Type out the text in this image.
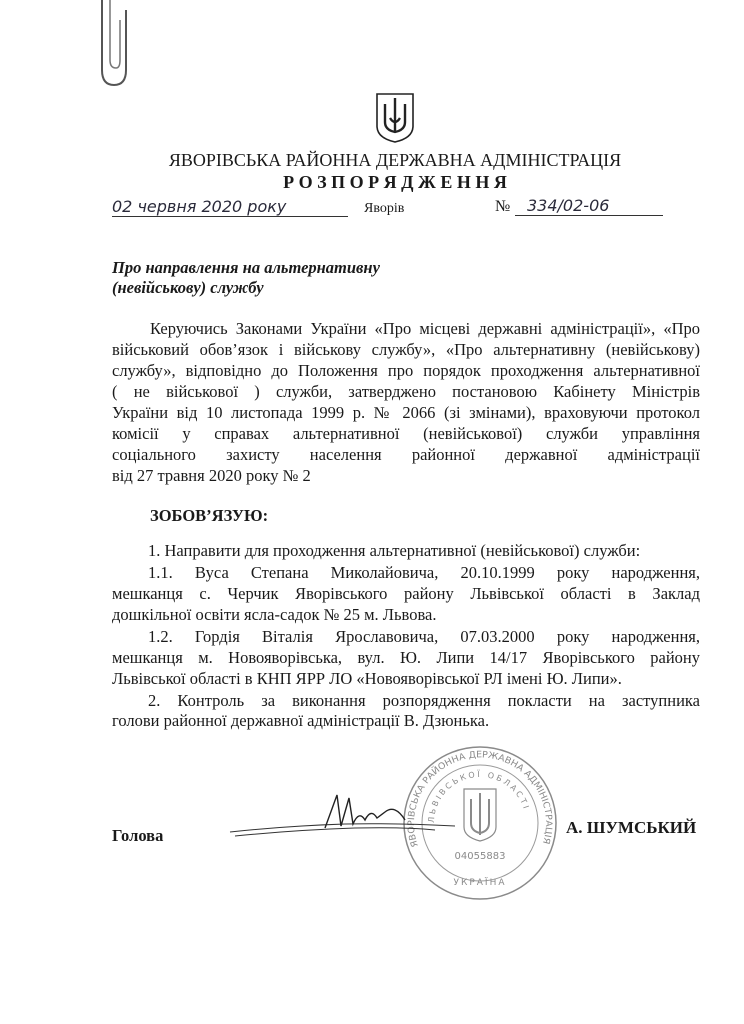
ЯВОРІВСЬКА РАЙОННА ДЕРЖАВНА АДМІНІСТРАЦІЯ
Р О З П О Р Я Д Ж Е Н Н Я
02 червня 2020 року	Яворів	№	334/02-06
Про направлення на альтернативну
(невійськову) службу
Керуючись Законами України «Про місцеві державні адміністрації», «Про
військовий обов’язок і військову службу», «Про альтернативну (невійськову)
службу», відповідно до Положення про порядок проходження альтернативної
( не військової ) служби, затверджено постановою Кабінету Міністрів
України від 10 листопада 1999 р. № 2066 (зі змінами), враховуючи протокол
комісії у справах альтернативної (невійськової) служби управління
соціального захисту населення районної державної адміністрації
від 27 травня 2020 року № 2
ЗОБОВ’ЯЗУЮ:
1. Направити для проходження альтернативної (невійськової) служби:
1.1. Вуса Степана Миколайовича, 20.10.1999 року народження,
мешканця с. Черчик Яворівського району Львівської області в Заклад
дошкільної освіти ясла-садок № 25 м. Львова.
1.2. Гордія Віталія Ярославовича, 07.03.2000 року народження,
мешканця м. Новояворівська, вул. Ю. Липи 14/17 Яворівського району
Львівської області в КНП ЯРР ЛО «Новояворівської РЛ імені Ю. Липи».
2. Контроль за виконання розпорядження покласти на заступника
голови районної державної адміністрації В. Дзюнька.
Голова	ЯВОРІВСЬКА РАЙОННА ДЕРЖАВНА АДМІНІСТРАЦІЯ
ЛЬВІВСЬКОЇ ОБЛАСТІ
04055883
УКРАЇНА
А. ШУМСЬКИЙ
